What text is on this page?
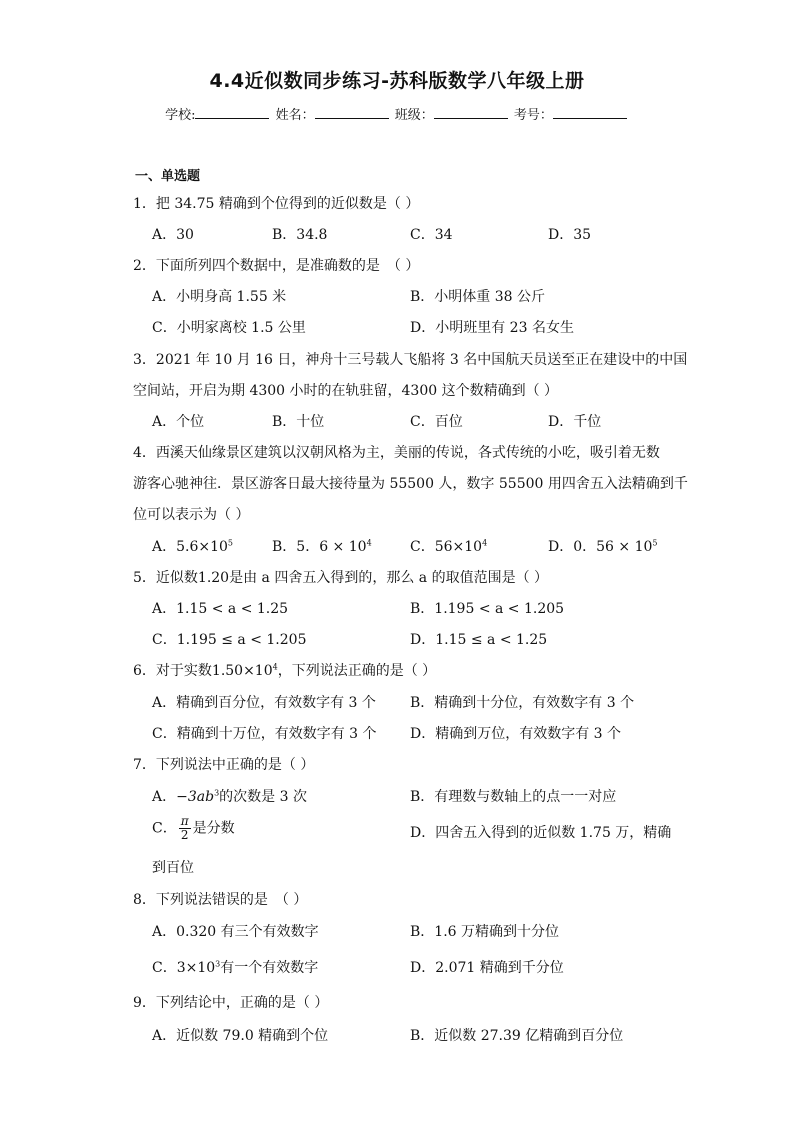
4.4近似数同步练习-苏科版数学八年级上册
学校:	姓名：	班级：	考号：
一、单选题
1．把 34.75 精确到个位得到的近似数是（ ）
A．30	B．34.8	C．34	D．35
2．下面所列四个数据中，是准确数的是　（ ）
A．小明身高 1.55 米	B．小明体重 38 公斤
C．小明家离校 1.5 公里	D．小明班里有 23 名女生
3．2021 年 10 月 16 日，神舟十三号载人飞船将 3 名中国航天员送至正在建设中的中国
空间站，开启为期 4300 小时的在轨驻留，4300 这个数精确到（ ）
A．个位	B．十位	C．百位	D．千位
4．西溪天仙缘景区建筑以汉朝风格为主，美丽的传说，各式传统的小吃，吸引着无数
游客心驰神往．景区游客日最大接待量为 55500 人，数字 55500 用四舍五入法精确到千
位可以表示为（ ）
A．$5.6\times 10^5$	B．5．$6 \times 10^4$	C．$56\times 10^4$	D．0．$56 \times 10^5$
5．近似数1.20是由 a 四舍五入得到的，那么 a 的取值范围是（ ）
A．1.15 < a < 1.25	B．1.195 < a < 1.205
C．1.195 ≤ a < 1.205	D．1.15 ≤ a < 1.25
6．对于实数$1.50\times 10^4$，下列说法正确的是（ ）
A．精确到百分位，有效数字有 3 个 B．精确到十分位，有效数字有 3 个
C．精确到十万位，有效数字有 3 个 D．精确到万位，有效数字有 3 个
7．下列说法中正确的是（ ）
A．$-3ab^3$的次数是 3 次	B．有理数与数轴上的点一一对应
C． $\frac{\pi}{2}$ 是分数	D．四舍五入得到的近似数 1.75 万，精确
到百位
8．下列说法错误的是　（ ）
A．0.320 有三个有效数字	B．1.6 万精确到十分位
C．$3\times 10^3$有一个有效数字	D．2.071 精确到千分位
9．下列结论中，正确的是（ ）
A．近似数 79.0 精确到个位	B．近似数 27.39 亿精确到百分位
